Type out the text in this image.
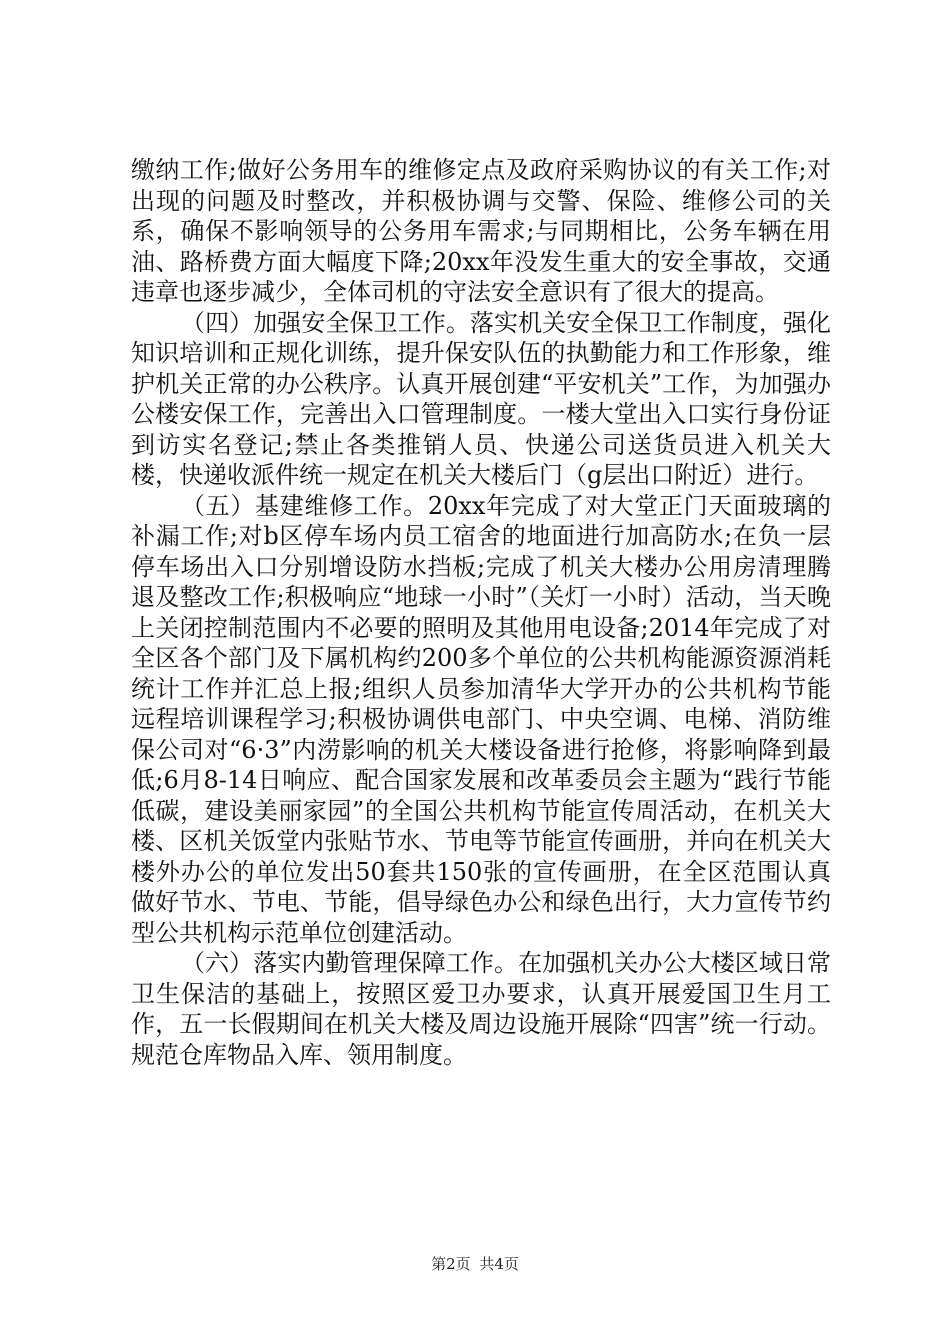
缴纳工作;做好公务用车的维修定点及政府采购协议的有关工作;对出现的问题及时整改，并积极协调与交警、保险、维修公司的关系，确保不影响领导的公务用车需求;与同期相比，公务车辆在用油、路桥费方面大幅度下降;20xx年没发生重大的安全事故，交通违章也逐步减少，全体司机的守法安全意识有了很大的提高。

（四）加强安全保卫工作。落实机关安全保卫工作制度，强化知识培训和正规化训练，提升保安队伍的执勤能力和工作形象，维护机关正常的办公秩序。认真开展创建“平安机关”工作，为加强办公楼安保工作，完善出入口管理制度。一楼大堂出入口实行身份证到访实名登记;禁止各类推销人员、快递公司送货员进入机关大楼，快递收派件统一规定在机关大楼后门（g层出口附近）进行。

（五）基建维修工作。20xx年完成了对大堂正门天面玻璃的补漏工作;对b区停车场内员工宿舍的地面进行加高防水;在负一层停车场出入口分别增设防水挡板;完成了机关大楼办公用房清理腾退及整改工作;积极响应“地球一小时”（关灯一小时）活动，当天晚上关闭控制范围内不必要的照明及其他用电设备;2014年完成了对全区各个部门及下属机构约200多个单位的公共机构能源资源消耗统计工作并汇总上报;组织人员参加清华大学开办的公共机构节能远程培训课程学习;积极协调供电部门、中央空调、电梯、消防维保公司对“6·3”内涝影响的机关大楼设备进行抢修，将影响降到最低;6月8-14日响应、配合国家发展和改革委员会主题为“践行节能低碳，建设美丽家园”的全国公共机构节能宣传周活动，在机关大楼、区机关饭堂内张贴节水、节电等节能宣传画册，并向在机关大楼外办公的单位发出50套共150张的宣传画册，在全区范围认真做好节水、节电、节能，倡导绿色办公和绿色出行，大力宣传节约型公共机构示范单位创建活动。

（六）落实内勤管理保障工作。在加强机关办公大楼区域日常卫生保洁的基础上，按照区爱卫办要求，认真开展爱国卫生月工作，五一长假期间在机关大楼及周边设施开展除“四害”统一行动。规范仓库物品入库、领用制度。

第2页 共4页
